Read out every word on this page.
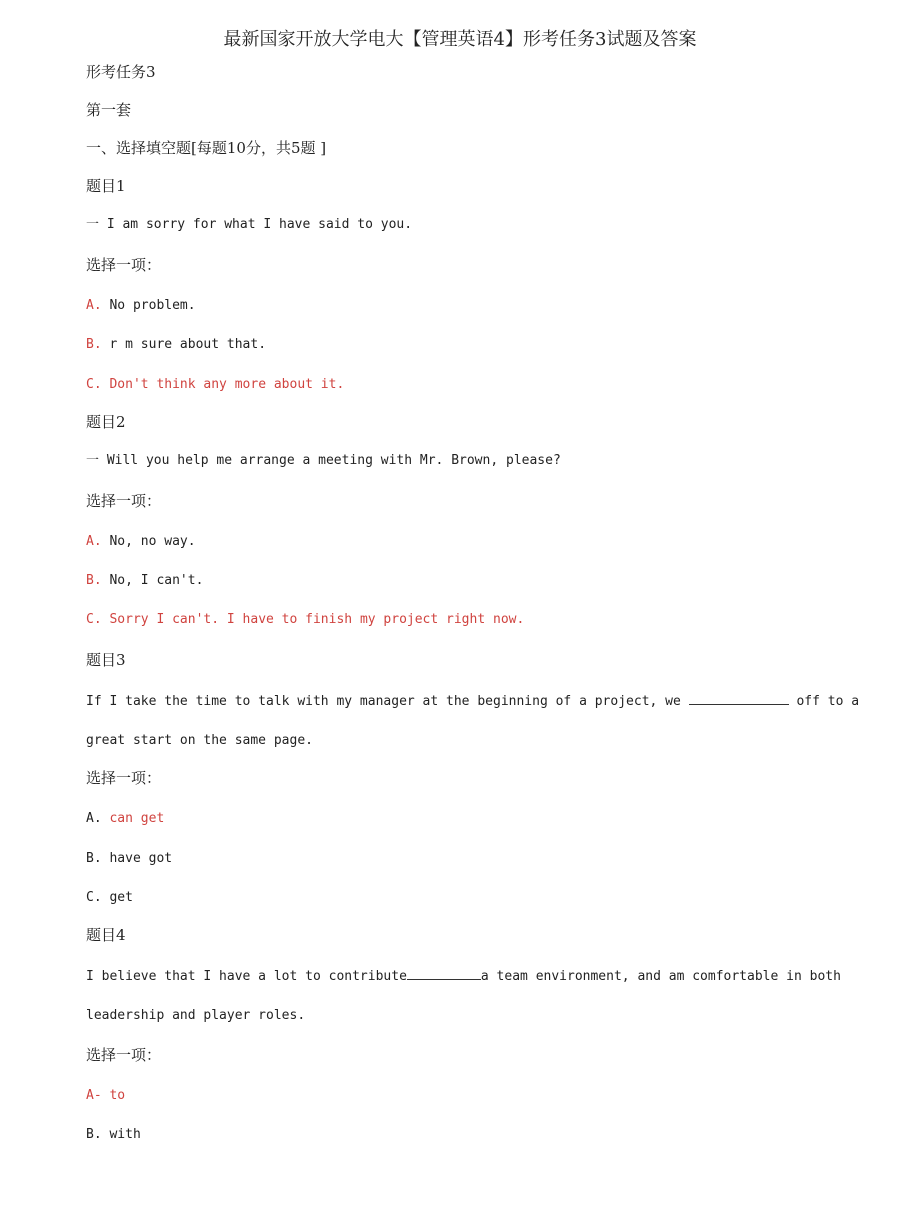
最新国家开放大学电大【管理英语4】形考任务3试题及答案
形考任务3
第一套
一、选择填空题[每题10分，共5题 ]
题目1
一 I am sorry for what I have said to you.
选择一项：
A. No problem.
B. r m sure about that.
C. Don't think any more about it.
题目2
一 Will you help me arrange a meeting with Mr. Brown, please?
选择一项：
A. No, no way.
B. No, I can't.
C. Sorry I can't. I have to finish my project right now.
题目3
If I take the time to talk with my manager at the beginning of a project, we	off to a
great start on the same page.
选择一项：
A. can get
B. have got
C. get
题目4
I believe that I have a lot to contribute	a team environment, and am comfortable in both
leadership and player roles.
选择一项：
A- to
B. with
